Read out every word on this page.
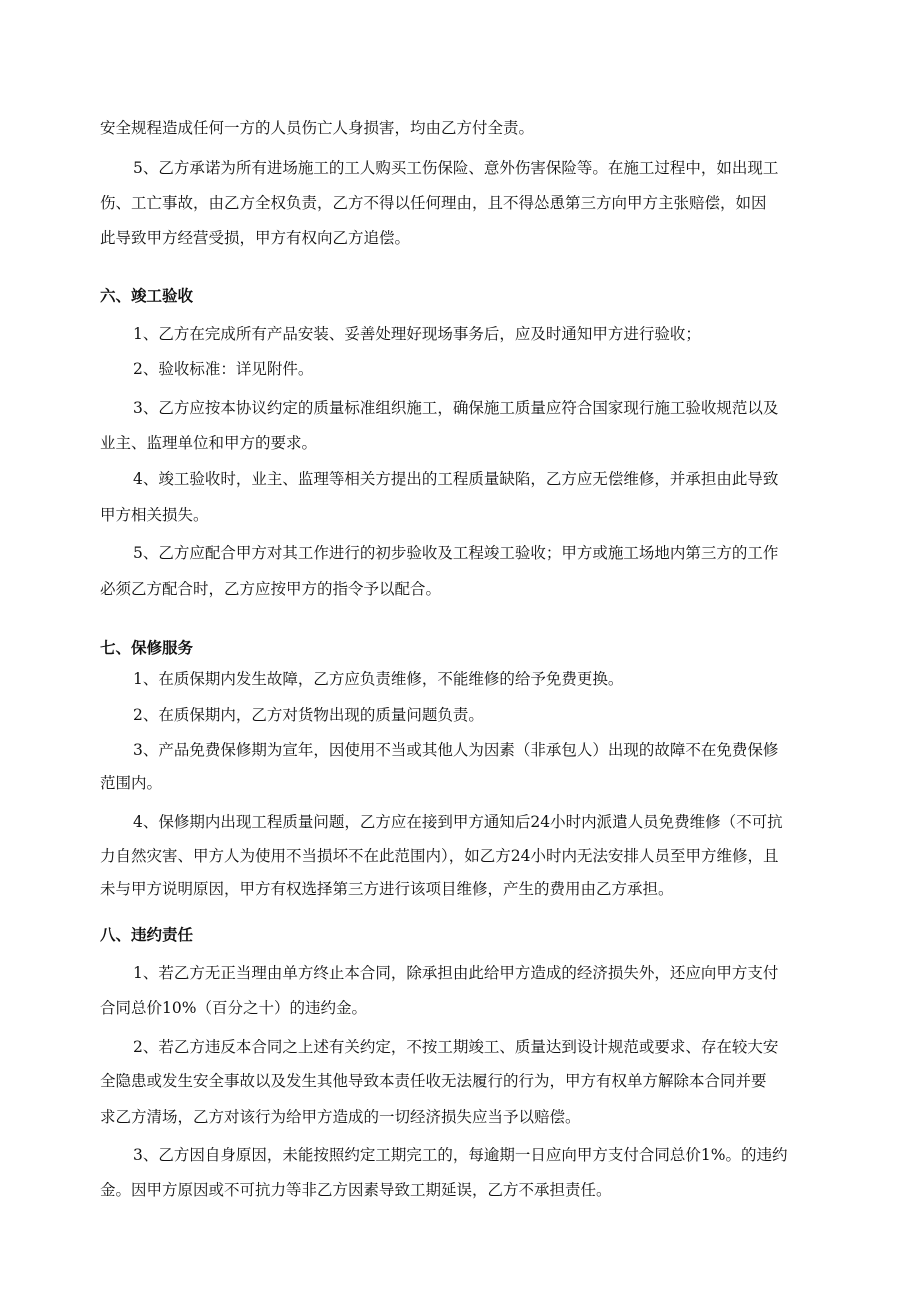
安全规程造成任何一方的人员伤亡人身损害，均由乙方付全责。
5、乙方承诺为所有进场施工的工人购买工伤保险、意外伤害保险等。在施工过程中，如出现工
伤、工亡事故，由乙方全权负责，乙方不得以任何理由，且不得怂恿第三方向甲方主张赔偿，如因
此导致甲方经营受损，甲方有权向乙方追偿。
六、竣工验收
1、乙方在完成所有产品安装、妥善处理好现场事务后，应及时通知甲方进行验收；
2、验收标准：详见附件。
3、乙方应按本协议约定的质量标准组织施工，确保施工质量应符合国家现行施工验收规范以及
业主、监理单位和甲方的要求。
4、竣工验收时，业主、监理等相关方提出的工程质量缺陷，乙方应无偿维修，并承担由此导致
甲方相关损失。
5、乙方应配合甲方对其工作进行的初步验收及工程竣工验收；甲方或施工场地内第三方的工作
必须乙方配合时，乙方应按甲方的指令予以配合。
七、保修服务
1、在质保期内发生故障，乙方应负责维修，不能维修的给予免费更换。
2、在质保期内，乙方对货物出现的质量问题负责。
3、产品免费保修期为宣年，因使用不当或其他人为因素（非承包人）出现的故障不在免费保修
范围内。
4、保修期内出现工程质量问题，乙方应在接到甲方通知后24小时内派遣人员免费维修（不可抗
力自然灾害、甲方人为使用不当损坏不在此范围内），如乙方24小时内无法安排人员至甲方维修，且
未与甲方说明原因，甲方有权选择第三方进行该项目维修，产生的费用由乙方承担。
八、违约责任
1、若乙方无正当理由单方终止本合同，除承担由此给甲方造成的经济损失外，还应向甲方支付
合同总价10%（百分之十）的违约金。
2、若乙方违反本合同之上述有关约定，不按工期竣工、质量达到设计规范或要求、存在较大安
全隐患或发生安全事故以及发生其他导致本责任收无法履行的行为，甲方有权单方解除本合同并要
求乙方清场，乙方对该行为给甲方造成的一切经济损失应当予以赔偿。
3、乙方因自身原因，未能按照约定工期完工的，每逾期一日应向甲方支付合同总价1%。的违约
金。因甲方原因或不可抗力等非乙方因素导致工期延误，乙方不承担责任。
